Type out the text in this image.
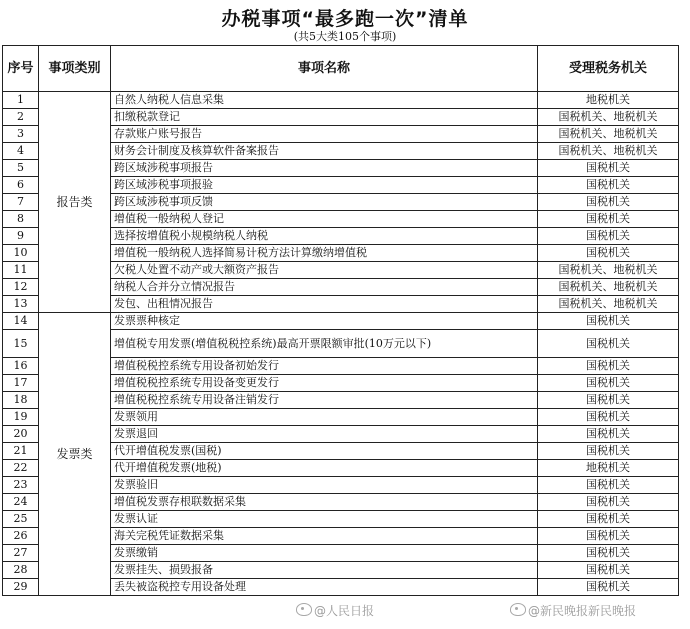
办税事项“最多跑一次”清单
(共5大类105个事项)
序号	事项类别	事项名称	受理税务机关
1	报告类	自然人纳税人信息采集	地税机关
2		扣缴税款登记	国税机关、地税机关
3		存款账户账号报告	国税机关、地税机关
4		财务会计制度及核算软件备案报告	国税机关、地税机关
5		跨区域涉税事项报告	国税机关
6		跨区域涉税事项报验	国税机关
7		跨区域涉税事项反馈	国税机关
8		增值税一般纳税人登记	国税机关
9		选择按增值税小规模纳税人纳税	国税机关
10		增值税一般纳税人选择简易计税方法计算缴纳增值税	国税机关
11		欠税人处置不动产或大额资产报告	国税机关、地税机关
12		纳税人合并分立情况报告	国税机关、地税机关
13		发包、出租情况报告	国税机关、地税机关
14	发票类	发票票种核定	国税机关
15		增值税专用发票(增值税税控系统)最高开票限额审批(10万元以下)	国税机关
16		增值税税控系统专用设备初始发行	国税机关
17		增值税税控系统专用设备变更发行	国税机关
18		增值税税控系统专用设备注销发行	国税机关
19		发票领用	国税机关
20		发票退回	国税机关
21		代开增值税发票(国税)	国税机关
22		代开增值税发票(地税)	地税机关
23		发票验旧	国税机关
24		增值税发票存根联数据采集	国税机关
25		发票认证	国税机关
26		海关完税凭证数据采集	国税机关
27		发票缴销	国税机关
28		发票挂失、损毁报备	国税机关
29		丢失被盗税控专用设备处理	国税机关
@人民日报	@新民晚报新民晚报
